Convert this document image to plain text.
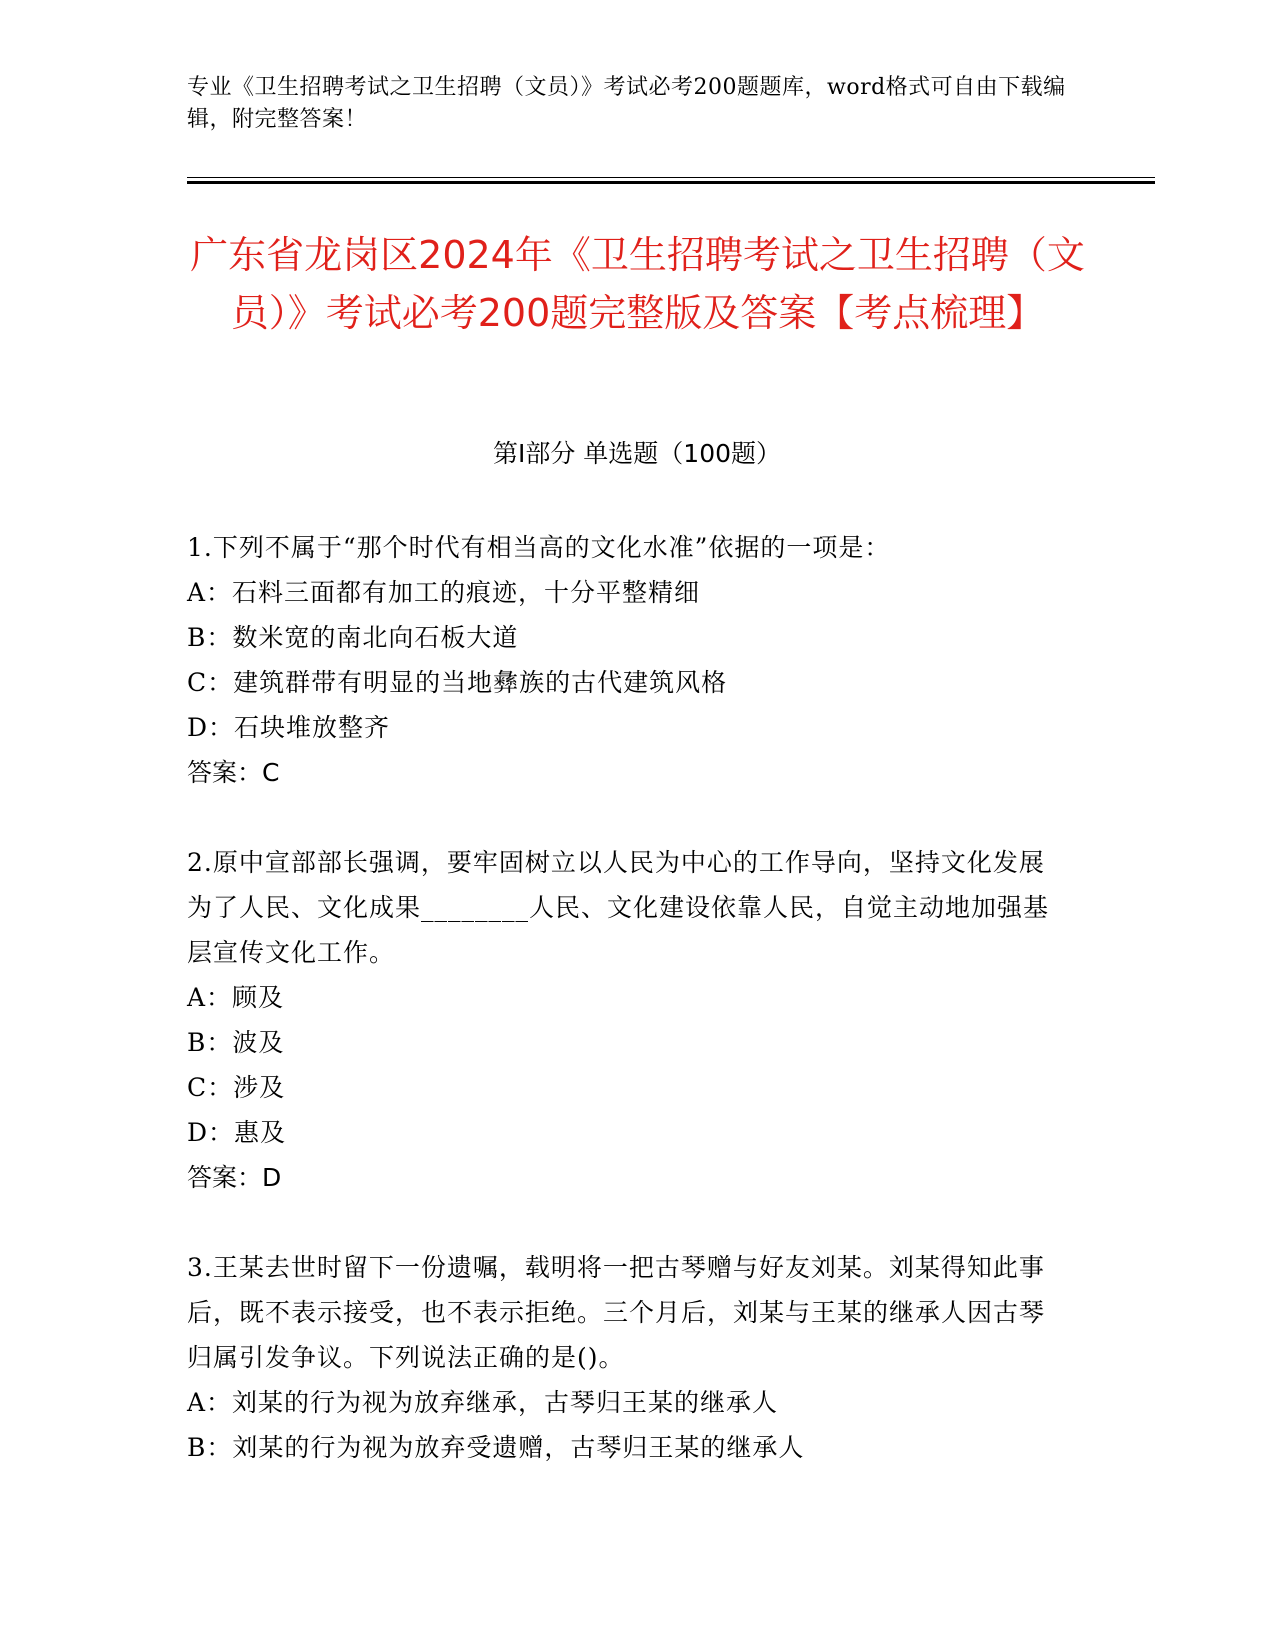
专业《卫生招聘考试之卫生招聘（文员）》考试必考200题题库，word格式可自由下载编辑，附完整答案！
广东省龙岗区2024年《卫生招聘考试之卫生招聘（文员）》考试必考200题完整版及答案【考点梳理】
第I部分 单选题（100题）

1.下列不属于“那个时代有相当高的文化水准”依据的一项是：

A：石料三面都有加工的痕迹，十分平整精细

B：数米宽的南北向石板大道

C：建筑群带有明显的当地彝族的古代建筑风格

D：石块堆放整齐

答案：C

2.原中宣部部长强调，要牢固树立以人民为中心的工作导向，坚持文化发展为了人民、文化成果________人民、文化建设依靠人民，自觉主动地加强基层宣传文化工作。

A：顾及

B：波及

C：涉及

D：惠及

答案：D

3.王某去世时留下一份遗嘱，载明将一把古琴赠与好友刘某。刘某得知此事后，既不表示接受，也不表示拒绝。三个月后，刘某与王某的继承人因古琴归属引发争议。下列说法正确的是()。

A：刘某的行为视为放弃继承，古琴归王某的继承人

B：刘某的行为视为放弃受遗赠，古琴归王某的继承人
